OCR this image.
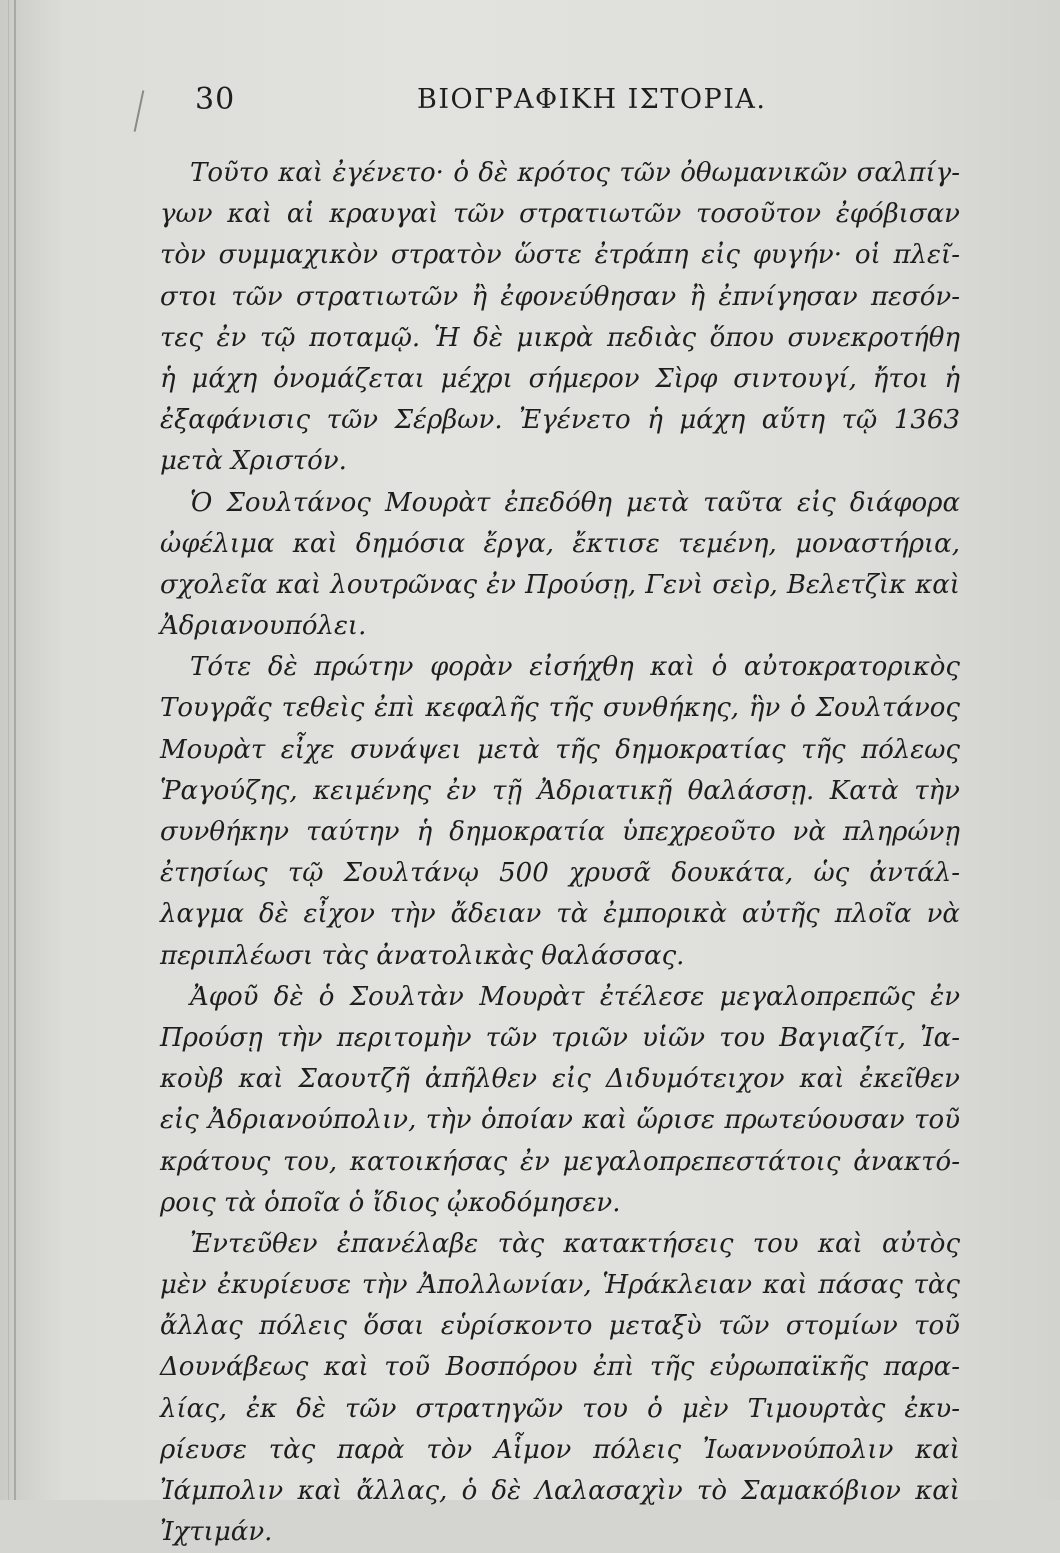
30	ΒΙΟΓΡΑΦΙΚΗ ΙΣΤΟΡΙΑ.
Τοῦτο καὶ ἐγένετο· ὁ δὲ κρότος τῶν ὀθωμανικῶν σαλπίγ-
γων καὶ αἱ κραυγαὶ τῶν στρατιωτῶν τοσοῦτον ἐφόβισαν
τὸν συμμαχικὸν στρατὸν ὥστε ἐτράπη εἰς φυγήν· οἱ πλεῖ-
στοι τῶν στρατιωτῶν ἢ ἐφονεύθησαν ἢ ἐπνίγησαν πεσόν-
τες ἐν τῷ ποταμῷ. Ἡ δὲ μικρὰ πεδιὰς ὅπου συνεκροτήθη
ἡ μάχη ὀνομάζεται μέχρι σήμερον Σὶρφ σιντουγί, ἤτοι ἡ
ἐξαφάνισις τῶν Σέρβων. Ἐγένετο ἡ μάχη αὕτη τῷ 1363
μετὰ Χριστόν.
Ὁ Σουλτάνος Μουρὰτ ἐπεδόθη μετὰ ταῦτα εἰς διάφορα
ὠφέλιμα καὶ δημόσια ἔργα, ἔκτισε τεμένη, μοναστήρια,
σχολεῖα καὶ λουτρῶνας ἐν Προύσῃ, Γενὶ σεὶρ, Βελετζὶκ καὶ
Ἀδριανουπόλει.
Τότε δὲ πρώτην φορὰν εἰσήχθη καὶ ὁ αὐτοκρατορικὸς
Τουγρᾶς τεθεὶς ἐπὶ κεφαλῆς τῆς συνθήκης, ἣν ὁ Σουλτάνος
Μουρὰτ εἶχε συνάψει μετὰ τῆς δημοκρατίας τῆς πόλεως
Ῥαγούζης, κειμένης ἐν τῇ Ἀδριατικῇ θαλάσσῃ. Κατὰ τὴν
συνθήκην ταύτην ἡ δημοκρατία ὑπεχρεοῦτο νὰ πληρώνῃ
ἐτησίως τῷ Σουλτάνῳ 500 χρυσᾶ δουκάτα, ὡς ἀντάλ-
λαγμα δὲ εἶχον τὴν ἄδειαν τὰ ἐμπορικὰ αὐτῆς πλοῖα νὰ
περιπλέωσι τὰς ἀνατολικὰς θαλάσσας.
Ἀφοῦ δὲ ὁ Σουλτὰν Μουρὰτ ἐτέλεσε μεγαλοπρεπῶς ἐν
Προύσῃ τὴν περιτομὴν τῶν τριῶν υἱῶν του Βαγιαζίτ, Ἰα-
κοὺβ καὶ Σαουτζῆ ἀπῆλθεν εἰς Διδυμότειχον καὶ ἐκεῖθεν
εἰς Ἀδριανούπολιν, τὴν ὁποίαν καὶ ὥρισε πρωτεύουσαν τοῦ
κράτους του, κατοικήσας ἐν μεγαλοπρεπεστάτοις ἀνακτό-
ροις τὰ ὁποῖα ὁ ἴδιος ᾠκοδόμησεν.
Ἐντεῦθεν ἐπανέλαβε τὰς κατακτήσεις του καὶ αὐτὸς
μὲν ἐκυρίευσε τὴν Ἀπολλωνίαν, Ἡράκλειαν καὶ πάσας τὰς
ἄλλας πόλεις ὅσαι εὑρίσκοντο μεταξὺ τῶν στομίων τοῦ
Δουνάβεως καὶ τοῦ Βοσπόρου ἐπὶ τῆς εὐρωπαϊκῆς παρα-
λίας, ἐκ δὲ τῶν στρατηγῶν του ὁ μὲν Τιμουρτὰς ἐκυ-
ρίευσε τὰς παρὰ τὸν Αἷμον πόλεις Ἰωαννούπολιν καὶ
Ἰάμπολιν καὶ ἄλλας, ὁ δὲ Λαλασαχὶν τὸ Σαμακόβιον καὶ
Ἰχτιμάν.
